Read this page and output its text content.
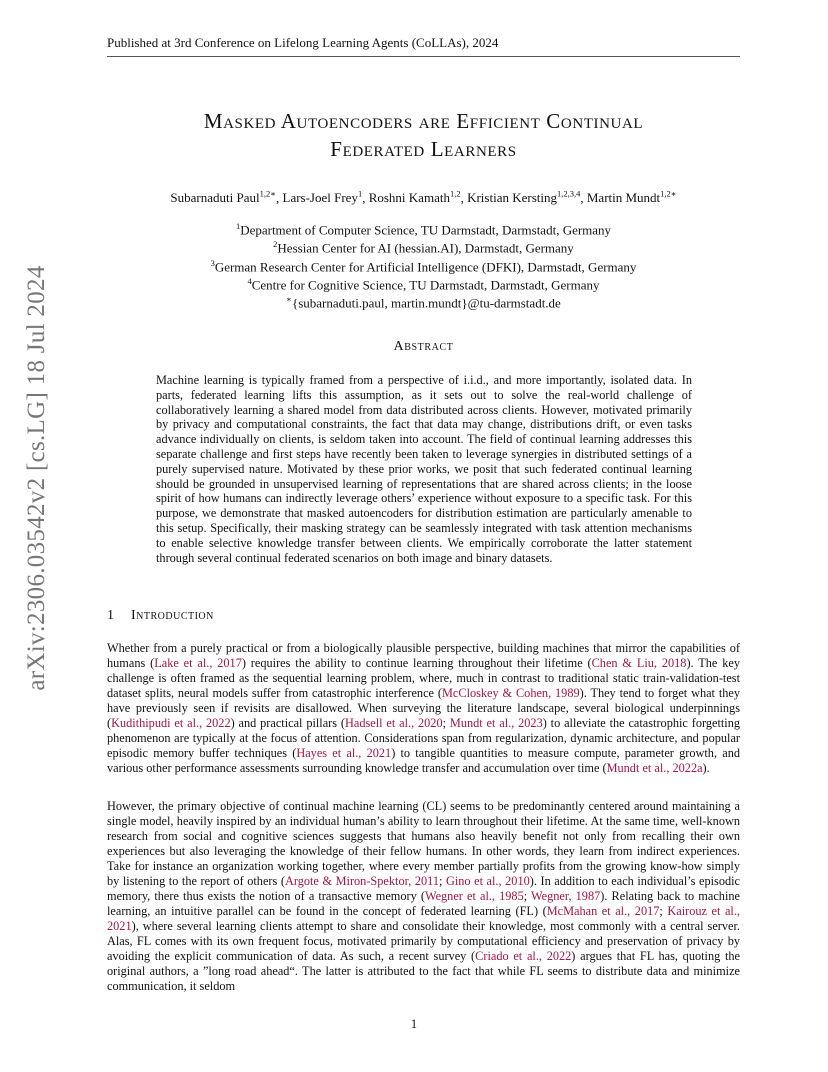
Published at 3rd Conference on Lifelong Learning Agents (CoLLAs), 2024
arXiv:2306.03542v2 [cs.LG] 18 Jul 2024
Masked Autoencoders are Efficient Continual
Federated Learners
Subarnaduti Paul$^{1,2∗}$, Lars-Joel Frey$^1$, Roshni Kamath$^{1,2}$, Kristian Kersting$^{1,2,3,4}$, Martin Mundt$^{1,2∗}$
$^1$Department of Computer Science, TU Darmstadt, Darmstadt, Germany
$^2$Hessian Center for AI (hessian.AI), Darmstadt, Germany
$^3$German Research Center for Artificial Intelligence (DFKI), Darmstadt, Germany
$^4$Centre for Cognitive Science, TU Darmstadt, Darmstadt, Germany
∗{subarnaduti.paul, martin.mundt}@tu-darmstadt.de
Abstract
Machine learning is typically framed from a perspective of i.i.d., and more importantly, isolated data. In parts, federated learning lifts this assumption, as it sets out to solve the real-world challenge of collaboratively learning a shared model from data distributed across clients. However, motivated primarily by privacy and computational constraints, the fact that data may change, distributions drift, or even tasks advance individually on clients, is seldom taken into account. The field of continual learning addresses this separate challenge and first steps have recently been taken to leverage synergies in distributed settings of a purely supervised nature. Motivated by these prior works, we posit that such federated continual learning should be grounded in unsupervised learning of representations that are shared across clients; in the loose spirit of how humans can indirectly leverage others’ experience without exposure to a specific task. For this purpose, we demonstrate that masked autoencoders for distribution estimation are particularly amenable to this setup. Specifically, their masking strategy can be seamlessly integrated with task attention mechanisms to enable selective knowledge transfer between clients. We empirically corroborate the latter statement through several continual federated scenarios on both image and binary datasets.
1 Introduction
Whether from a purely practical or from a biologically plausible perspective, building machines that mirror the capabilities of humans (Lake et al., 2017) requires the ability to continue learning throughout their lifetime (Chen & Liu, 2018). The key challenge is often framed as the sequential learning problem, where, much in contrast to traditional static train-validation-test dataset splits, neural models suffer from catastrophic interference (McCloskey & Cohen, 1989). They tend to forget what they have previously seen if revisits are disallowed. When surveying the literature landscape, several biological underpinnings (Kudithipudi et al., 2022) and practical pillars (Hadsell et al., 2020; Mundt et al., 2023) to alleviate the catastrophic forgetting phenomenon are typically at the focus of attention. Considerations span from regularization, dynamic architecture, and popular episodic memory buffer techniques (Hayes et al., 2021) to tangible quantities to measure compute, parameter growth, and various other performance assessments surrounding knowledge transfer and accumulation over time (Mundt et al., 2022a).
However, the primary objective of continual machine learning (CL) seems to be predominantly centered around maintaining a single model, heavily inspired by an individual human’s ability to learn throughout their lifetime. At the same time, well-known research from social and cognitive sciences suggests that humans also heavily benefit not only from recalling their own experiences but also leveraging the knowledge of their fellow humans. In other words, they learn from indirect experiences. Take for instance an organization working together, where every member partially profits from the growing know-how simply by listening to the report of others (Argote & Miron-Spektor, 2011; Gino et al., 2010). In addition to each individual’s episodic memory, there thus exists the notion of a transactive memory (Wegner et al., 1985; Wegner, 1987). Relating back to machine learning, an intuitive parallel can be found in the concept of federated learning (FL) (McMahan et al., 2017; Kairouz et al., 2021), where several learning clients attempt to share and consolidate their knowledge, most commonly with a central server. Alas, FL comes with its own frequent focus, motivated primarily by computational efficiency and preservation of privacy by avoiding the explicit communication of data. As such, a recent survey (Criado et al., 2022) argues that FL has, quoting the original authors, a ”long road ahead“. The latter is attributed to the fact that while FL seems to distribute data and minimize communication, it seldom
1
